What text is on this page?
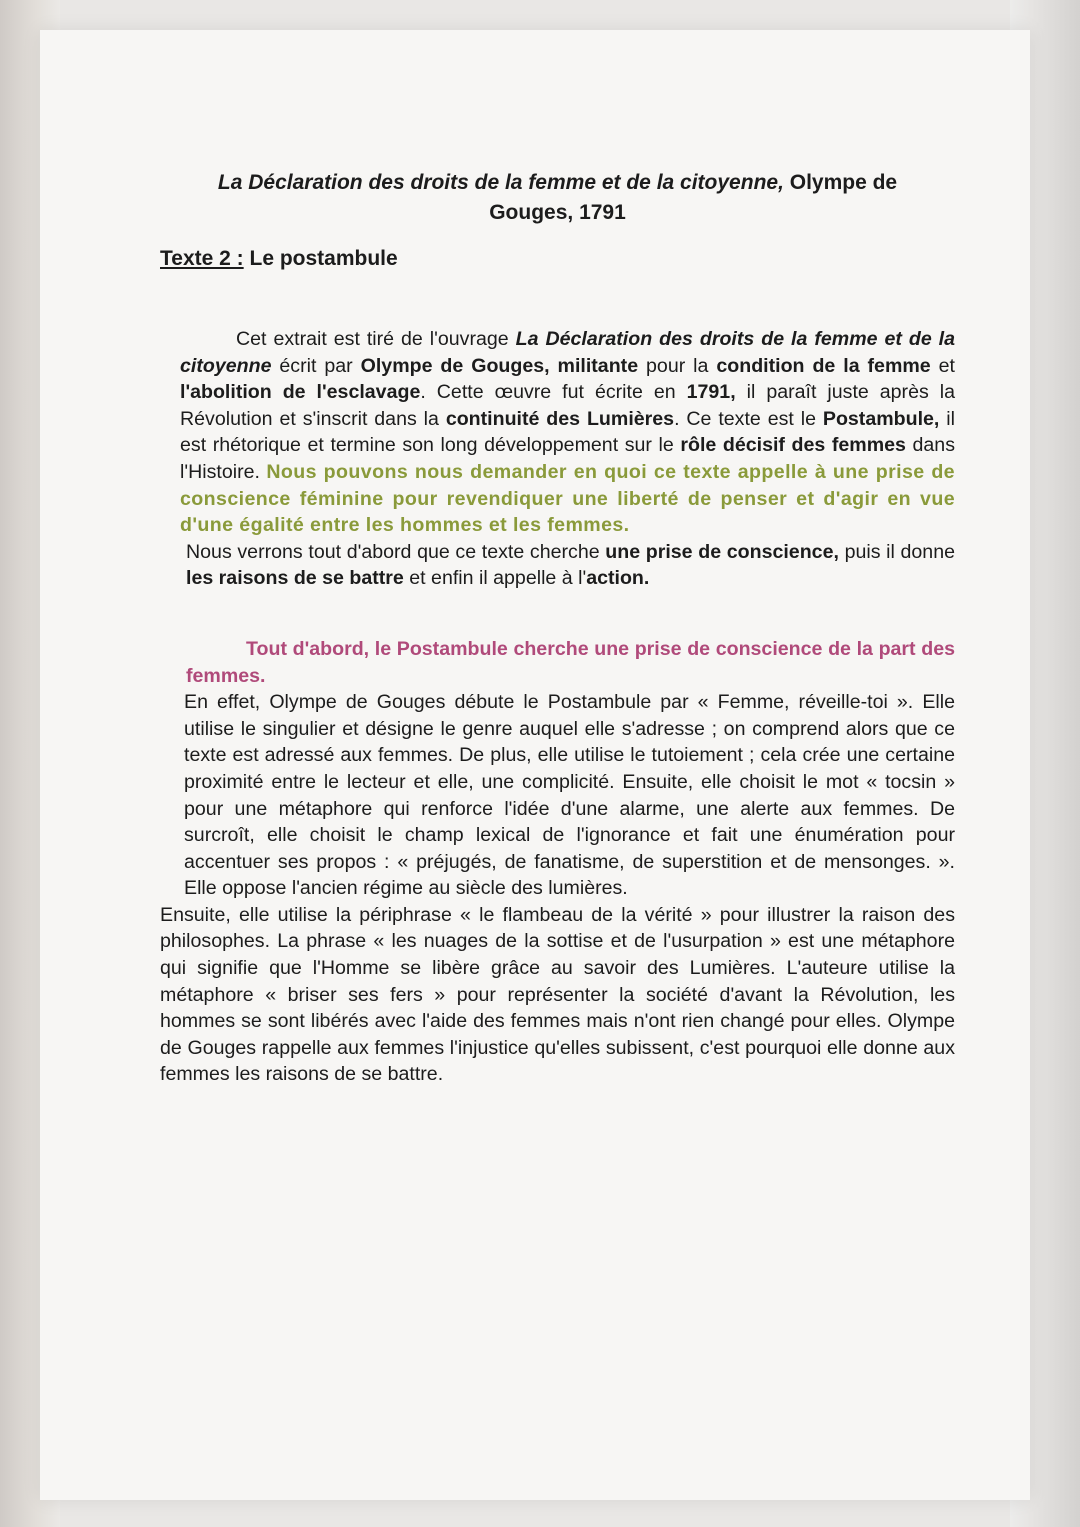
La Déclaration des droits de la femme et de la citoyenne, Olympe de
Gouges, 1791
Texte 2 : Le postambule

Cet extrait est tiré de l'ouvrage La Déclaration des droits de la femme et de la citoyenne écrit par Olympe de Gouges, militante pour la condition de la femme et l'abolition de l'esclavage. Cette œuvre fut écrite en 1791, il paraît juste après la Révolution et s'inscrit dans la continuité des Lumières. Ce texte est le Postambule, il est rhétorique et termine son long développement sur le rôle décisif des femmes dans l'Histoire. Nous pouvons nous demander en quoi ce texte appelle à une prise de conscience féminine pour revendiquer une liberté de penser et d'agir en vue d'une égalité entre les hommes et les femmes.

Nous verrons tout d'abord que ce texte cherche une prise de conscience, puis il donne les raisons de se battre et enfin il appelle à l'action.

Tout d'abord, le Postambule cherche une prise de conscience de la part des femmes.

En effet, Olympe de Gouges débute le Postambule par « Femme, réveille-toi ». Elle utilise le singulier et désigne le genre auquel elle s'adresse ; on comprend alors que ce texte est adressé aux femmes. De plus, elle utilise le tutoiement ; cela crée une certaine proximité entre le lecteur et elle, une complicité. Ensuite, elle choisit le mot « tocsin » pour une métaphore qui renforce l'idée d'une alarme, une alerte aux femmes. De surcroît, elle choisit le champ lexical de l'ignorance et fait une énumération pour accentuer ses propos : « préjugés, de fanatisme, de superstition et de mensonges. ». Elle oppose l'ancien régime au siècle des lumières.

Ensuite, elle utilise la périphrase « le flambeau de la vérité » pour illustrer la raison des philosophes. La phrase « les nuages de la sottise et de l'usurpation » est une métaphore qui signifie que l'Homme se libère grâce au savoir des Lumières. L'auteure utilise la métaphore « briser ses fers » pour représenter la société d'avant la Révolution, les hommes se sont libérés avec l'aide des femmes mais n'ont rien changé pour elles. Olympe de Gouges rappelle aux femmes l'injustice qu'elles subissent, c'est pourquoi elle donne aux femmes les raisons de se battre.
